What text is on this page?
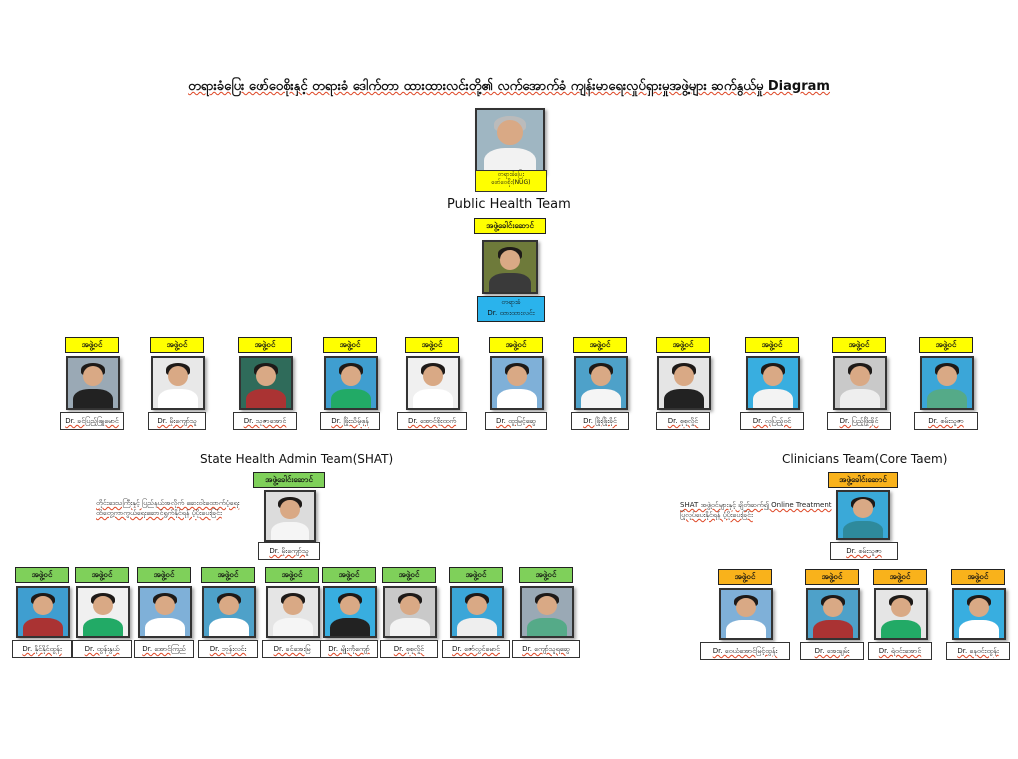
တရားခံပြေး ဖော်ဝေစိုးနှင့် တရားခံ ဒေါက်တာ ထားထားလင်းတို့၏ လက်အောက်ခံ ကျန်းမာရေးလှုပ်ရှားမှုအဖွဲ့များ ဆက်နွယ်မှု Diagram
တရားခံပြေး
ဖော်ဝေစိုး(NUG)
Public Health Team
အဖွဲ့ခေါင်းဆောင်
တရားခံ
Dr. ထားထားလင်း
အဖွဲ့ဝင်
Dr. ခင်ပြည့်ဖြူမောင်
အဖွဲ့ဝင်
Dr. မိုးကျော်သူ
အဖွဲ့ဝင်
Dr. သုဇာအောင်
အဖွဲ့ဝင်
Dr. ဖြိုးသိမ့်ဖုန်
အဖွဲ့ဝင်
Dr. အောင်စိုးထက်
အဖွဲ့ဝင်
Dr. ထူးမြင့်ဆွေ
အဖွဲ့ဝင်
Dr. ဖြိုးဖြိုးခိုင်
အဖွဲ့ဝင်
Dr. စုစုလှိုင်
အဖွဲ့ဝင်
Dr. လှပြည့်ဝင်
အဖွဲ့ဝင်
Dr. ပြည့်ဖြိုးခိုင်
အဖွဲ့ဝင်
Dr. စမ်းသူဇာ
State Health Admin Team(SHAT)
အဖွဲ့ခေါင်းဆောင်
တိုင်းဒေသကြီးနှင့် ပြည်နယ်အလိုက် ဆေးဝါးထောက်ပံ့ရေး
ထိတွေ့ကာကွယ်ရေးဆောင်ရွက်နိုင်ရန် ပံ့ပိုးပေးခြင်း
Dr. မိုးကျော်သူ
အဖွဲ့ဝင်
Dr. နိုင်နိုင်ထွန်း
အဖွဲ့ဝင်
Dr. ထွန်းနွယ်
အဖွဲ့ဝင်
Dr. အောင်ကြည်
အဖွဲ့ဝင်
Dr. ဘုန်းလင်း
အဖွဲ့ဝင်
Dr. ခင်အေးမြ
အဖွဲ့ဝင်
Dr. မျိုးကိုကျော်
အဖွဲ့ဝင်
Dr. စုစုလှိုင်
အဖွဲ့ဝင်
Dr. ဇော်လွင်မောင်
အဖွဲ့ဝင်
Dr. ကျော်သူရဆွေ
Clinicians Team(Core Taem)
အဖွဲ့ခေါင်းဆောင်
SHAT အဖွဲ့ဝင်များနှင့် ချိတ်ဆက်၍ Online Treatment
ပြုလုပ်ပေးနိုင်ရန် ပံ့ပိုးပေးခြင်း
Dr. စမ်းသူဇာ
အဖွဲ့ဝင်
Dr. ဝေယံအောင်မြင့်ထွန်း
အဖွဲ့ဝင်
Dr. အေးချမ်း
အဖွဲ့ဝင်
Dr. ရဲဝင်းအောင်
အဖွဲ့ဝင်
Dr. နေဝင်းထွန်း
